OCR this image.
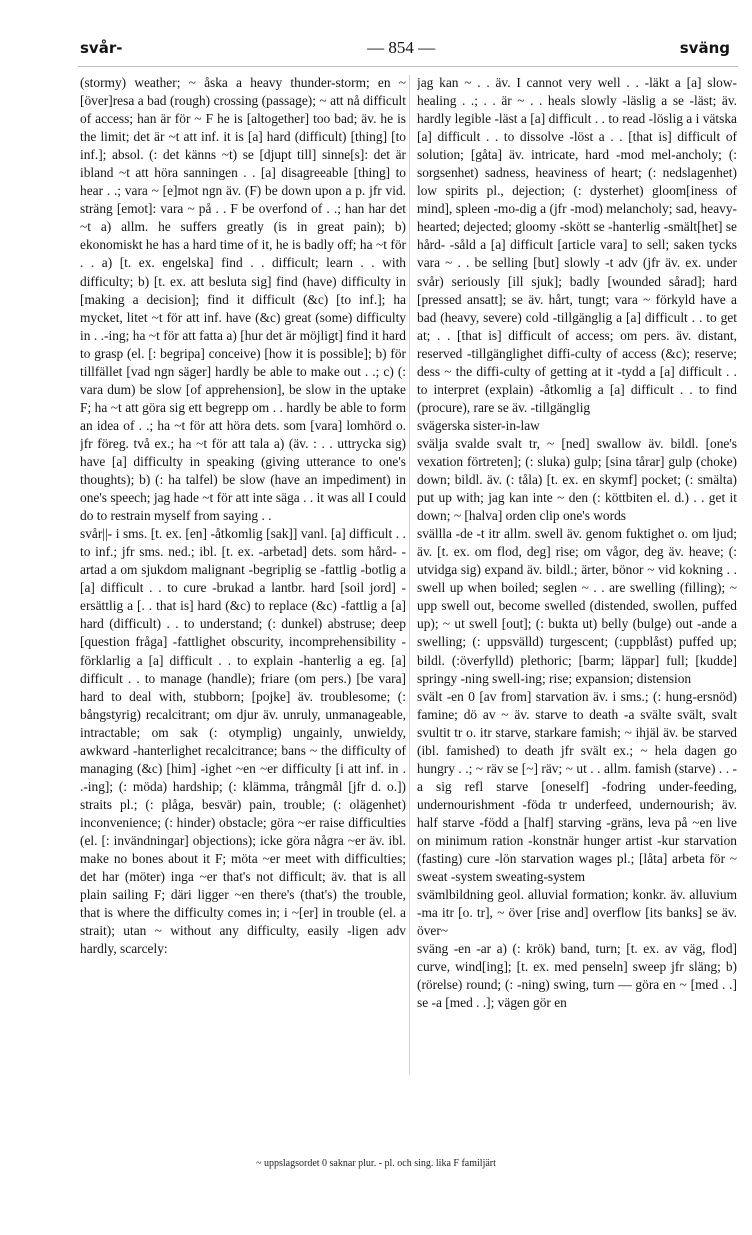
svår-	— 854 —	sväng

(stormy) weather; ~ åska a heavy thunder-storm; en ~ [över]resa a bad (rough) crossing (passage); ~ att nå difficult of access; han är för ~ F he is [altogether] too bad; äv. he is the limit; det är ~t att inf. it is [a] hard (difficult) [thing] [to inf.]; absol. (: det känns ~t) se [djupt till] sinne[s]: det är ibland ~t att höra sanningen . . [a] disagreeable [thing] to hear . .; vara ~ [e]mot ngn äv. (F) be down upon a p. jfr vid. sträng [emot]: vara ~ på . . F be overfond of . .; han har det ~t a) allm. he suffers greatly (is in great pain); b) ekonomiskt he has a hard time of it, he is badly off; ha ~t för . . a) [t. ex. engelska] find . . difficult; learn . . with difficulty; b) [t. ex. att besluta sig] find (have) difficulty in [making a decision]; find it difficult (&c) [to inf.]; ha mycket, litet ~t för att inf. have (&c) great (some) difficulty in . .-ing; ha ~t för att fatta a) [hur det är möjligt] find it hard to grasp (el. [: begripa] conceive) [how it is possible]; b) för tillfället [vad ngn säger] hardly be able to make out . .; c) (: vara dum) be slow [of apprehension], be slow in the uptake F; ha ~t att göra sig ett begrepp om . . hardly be able to form an idea of . .; ha ~t för att höra dets. som [vara] lomhörd o. jfr föreg. två ex.; ha ~t för att tala a) (äv. : . . uttrycka sig) have [a] difficulty in speaking (giving utterance to one's thoughts); b) (: ha talfel) be slow (have an impediment) in one's speech; jag hade ~t för att inte säga . . it was all I could do to restrain myself from saying . .

svår||- i sms. [t. ex. [en] -åtkomlig [sak]] vanl. [a] difficult . . to inf.; jfr sms. ned.; ibl. [t. ex. -arbetad] dets. som hård- -artad a om sjukdom malignant -begriplig se -fattlig -botlig a [a] difficult . . to cure -brukad a lantbr. hard [soil jord] -ersättlig a [. . that is] hard (&c) to replace (&c) -fattlig a [a] hard (difficult) . . to understand; (: dunkel) abstruse; deep [question fråga] -fattlighet obscurity, incomprehensibility -förklarlig a [a] difficult . . to explain -hanterlig a eg. [a] difficult . . to manage (handle); friare (om pers.) [be vara] hard to deal with, stubborn; [pojke] äv. troublesome; (: bångstyrig) recalcitrant; om djur äv. unruly, unmanageable, intractable; om sak (: otymplig) ungainly, unwieldy, awkward -hanterlighet recalcitrance; bans ~ the difficulty of managing (&c) [him] -ighet ~en ~er difficulty [i att inf. in . .-ing]; (: möda) hardship; (: klämma, trångmål [jfr d. o.]) straits pl.; (: plåga, besvär) pain, trouble; (: olägenhet) inconvenience; (: hinder) obstacle; göra ~er raise difficulties (el. [: invändningar] objections); icke göra några ~er äv. ibl. make no bones about it F; möta ~er meet with difficulties; det har (möter) inga ~er that's not difficult; äv. that is all plain sailing F; däri ligger ~en there's (that's) the trouble, that is where the difficulty comes in; i ~[er] in trouble (el. a strait); utan ~ without any difficulty, easily -ligen adv hardly, scarcely:

jag kan ~ . . äv. I cannot very well . . -läkt a [a] slow-healing . .; . . är ~ . . heals slowly -läslig a se -läst; äv. hardly legible -läst a [a] difficult . . to read -löslig a i vätska [a] difficult . . to dissolve -löst a . . [that is] difficult of solution; [gåta] äv. intricate, hard -mod mel-ancholy; (: sorgsenhet) sadness, heaviness of heart; (: nedslagenhet) low spirits pl., dejection; (: dysterhet) gloom[iness of mind], spleen -mo-dig a (jfr -mod) melancholy; sad, heavy-hearted; dejected; gloomy -skött se -hanterlig -smält[het] se hård- -såld a [a] difficult [article vara] to sell; saken tycks vara ~ . . be selling [but] slowly -t adv (jfr äv. ex. under svår) seriously [ill sjuk]; badly [wounded sårad]; hard [pressed ansatt]; se äv. hårt, tungt; vara ~ förkyld have a bad (heavy, severe) cold -tillgänglig a [a] difficult . . to get at; . . [that is] difficult of access; om pers. äv. distant, reserved -tillgänglighet diffi-culty of access (&c); reserve; dess ~ the diffi-culty of getting at it -tydd a [a] difficult . . to interpret (explain) -åtkomlig a [a] difficult . . to find (procure), rare se äv. -tillgänglig

svägerska sister-in-law

svälja svalde svalt tr, ~ [ned] swallow äv. bildl. [one's vexation förtreten]; (: sluka) gulp; [sina tårar] gulp (choke) down; bildl. äv. (: tåla) [t. ex. en skymf] pocket; (: smälta) put up with; jag kan inte ~ den (: köttbiten el. d.) . . get it down; ~ [halva] orden clip one's words

svällla -de -t itr allm. swell äv. genom fuktighet o. om ljud; äv. [t. ex. om flod, deg] rise; om vågor, deg äv. heave; (: utvidga sig) expand äv. bildl.; ärter, bönor ~ vid kokning . . swell up when boiled; seglen ~ . . are swelling (filling); ~ upp swell out, become swelled (distended, swollen, puffed up); ~ ut swell [out]; (: bukta ut) belly (bulge) out -ande a swelling; (: uppsvälld) turgescent; (:uppblåst) puffed up; bildl. (:överfylld) plethoric; [barm; läppar] full; [kudde] springy -ning swell-ing; rise; expansion; distension

svält -en 0 [av from] starvation äv. i sms.; (: hung-ersnöd) famine; dö av ~ äv. starve to death -a svälte svält, svalt svultit tr o. itr starve, starkare famish; ~ ihjäl äv. be starved (ibl. famished) to death jfr svält ex.; ~ hela dagen go hungry . .; ~ räv se [~] räv; ~ ut . . allm. famish (starve) . . -a sig refl starve [oneself] -fodring under-feeding, undernourishment -föda tr underfeed, undernourish; äv. half starve -född a [half] starving -gräns, leva på ~en live on minimum ration -konstnär hunger artist -kur starvation (fasting) cure -lön starvation wages pl.; [låta] arbeta för ~ sweat -system sweating-system

svämlbildning geol. alluvial formation; konkr. äv. alluvium -ma itr [o. tr], ~ över [rise and] overflow [its banks] se äv. över~

sväng -en -ar a) (: krök) band, turn; [t. ex. av väg, flod] curve, wind[ing]; [t. ex. med penseln] sweep jfr släng; b) (rörelse) round; (: -ning) swing, turn — göra en ~ [med . .] se -a [med . .]; vägen gör en

~ uppslagsordet 0 saknar plur. - pl. och sing. lika F familjärt
